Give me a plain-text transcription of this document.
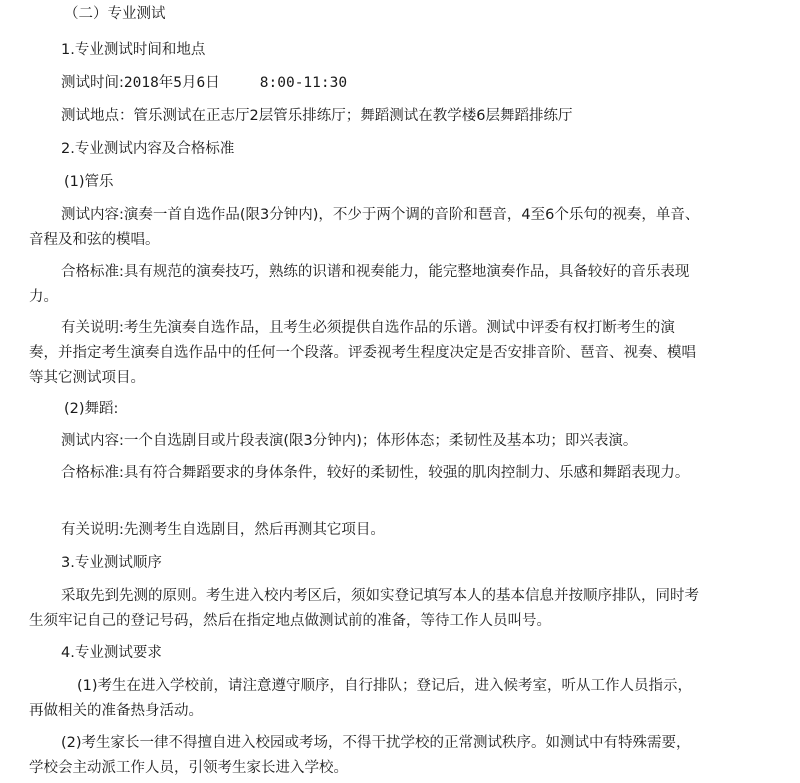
（二）专业测试
1.专业测试时间和地点
测试时间:2018年5月6日	8:00-11:30
测试地点：管乐测试在正志厅2层管乐排练厅；舞蹈测试在教学楼6层舞蹈排练厅
2.专业测试内容及合格标准
(1)管乐
测试内容:演奏一首自选作品(限3分钟内)，不少于两个调的音阶和琶音，4至6个乐句的视奏，单音、音程及和弦的模唱。
合格标准:具有规范的演奏技巧，熟练的识谱和视奏能力，能完整地演奏作品，具备较好的音乐表现力。
有关说明:考生先演奏自选作品，且考生必须提供自选作品的乐谱。测试中评委有权打断考生的演奏，并指定考生演奏自选作品中的任何一个段落。评委视考生程度决定是否安排音阶、琶音、视奏、模唱等其它测试项目。
(2)舞蹈:
测试内容:一个自选剧目或片段表演(限3分钟内)；体形体态；柔韧性及基本功；即兴表演。
合格标准:具有符合舞蹈要求的身体条件，较好的柔韧性，较强的肌肉控制力、乐感和舞蹈表现力。
有关说明:先测考生自选剧目，然后再测其它项目。
3.专业测试顺序
采取先到先测的原则。考生进入校内考区后，须如实登记填写本人的基本信息并按顺序排队，同时考生须牢记自己的登记号码，然后在指定地点做测试前的准备，等待工作人员叫号。
4.专业测试要求
(1)考生在进入学校前，请注意遵守顺序，自行排队；登记后，进入候考室，听从工作人员指示，再做相关的准备热身活动。
(2)考生家长一律不得擅自进入校园或考场，不得干扰学校的正常测试秩序。如测试中有特殊需要，学校会主动派工作人员，引领考生家长进入学校。
